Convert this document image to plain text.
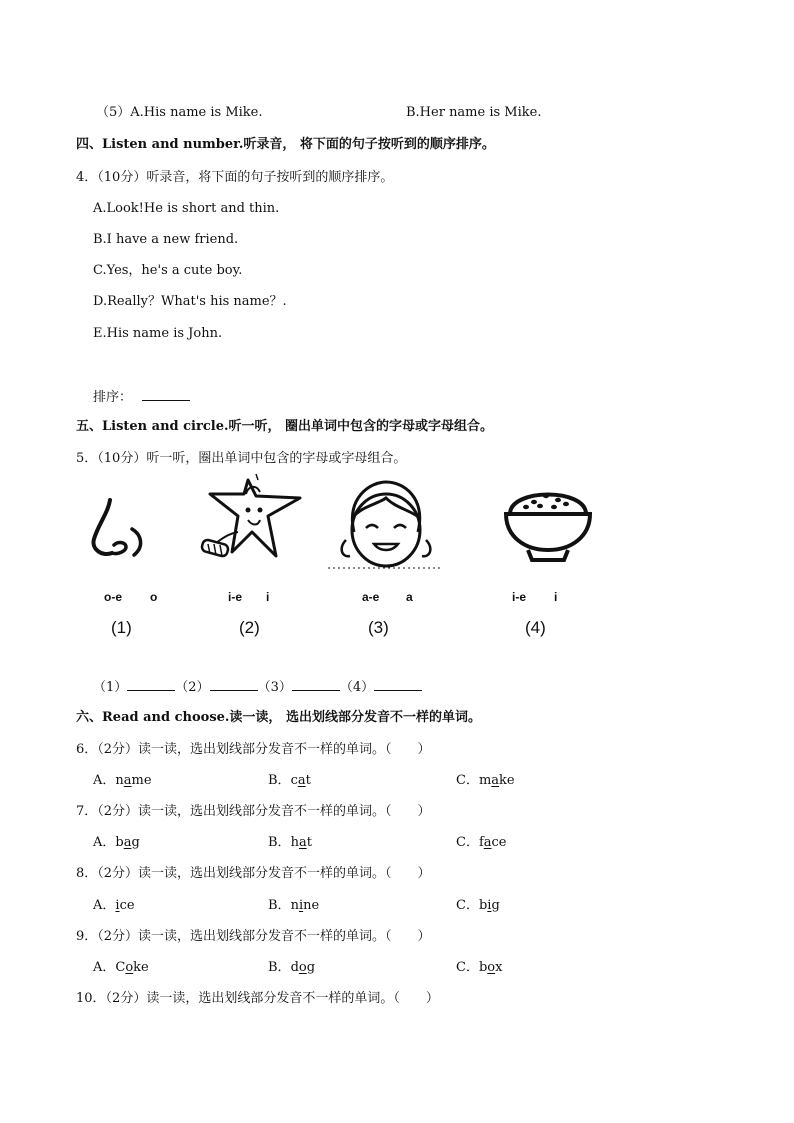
（5）A.His name is Mike.	B.Her name is Mike.
四、Listen and number.听录音， 将下面的句子按听到的顺序排序。
4．（10分）听录音，将下面的句子按听到的顺序排序。
A.Look!He is short and thin.
B.I have a new friend.
C.Yes，he's a cute boy.
D.Really？What's his name？.
E.His name is John.
排序：
五、Listen and circle.听一听， 圈出单词中包含的字母或字母组合。
5．（10分）听一听，圈出单词中包含的字母或字母组合。
o-e o	i-e i	a-e a	i-e i
(1)	(2)	(3)	(4)
（1）	（2）	（3）	（4）
六、Read and choose.读一读， 选出划线部分发音不一样的单词。
6．（2分）读一读，选出划线部分发音不一样的单词。（　　）
A．name	B．cat	C．make
7．（2分）读一读，选出划线部分发音不一样的单词。（　　）
A．bag	B．hat	C．face
8．（2分）读一读，选出划线部分发音不一样的单词。（　　）
A．ice	B．nine	C．big
9．（2分）读一读，选出划线部分发音不一样的单词。（　　）
A．Coke	B．dog	C．box
10．（2分）读一读，选出划线部分发音不一样的单词。（　　）
